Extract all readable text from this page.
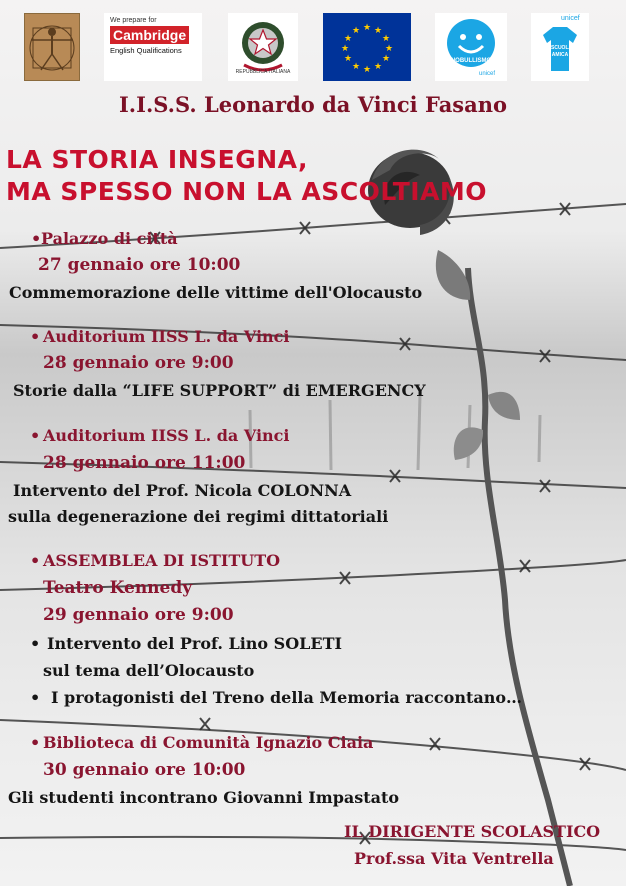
We prepare for
Cambridge
English Qualifications
REPUBBLICA ITALIANA
★ ★
★
★
★
★
★
★
★
★
★
★
NOBULLISMO
unicef
unicef
SCUOLA AMICA
I.I.S.S. Leonardo da Vinci Fasano
LA STORIA INSEGNA,
MA SPESSO NON LA ASCOLTIAMO
• Palazzo di città
27 gennaio ore 10:00
Commemorazione delle vittime dell'Olocausto
• Auditorium IISS L. da Vinci
28 gennaio ore 9:00
Storie dalla “LIFE SUPPORT” di EMERGENCY
• Auditorium IISS L. da Vinci
28 gennaio ore 11:00
Intervento del Prof. Nicola COLONNA
sulla degenerazione dei regimi dittatoriali
• ASSEMBLEA DI ISTITUTO
Teatro Kennedy
29 gennaio ore 9:00
• Intervento del Prof. Lino SOLETI
sul tema dell’Olocausto
• I protagonisti del Treno della Memoria raccontano…
• Biblioteca di Comunità Ignazio Ciaia
30 gennaio ore 10:00
Gli studenti incontrano Giovanni Impastato
IL DIRIGENTE SCOLASTICO
Prof.ssa Vita Ventrella
